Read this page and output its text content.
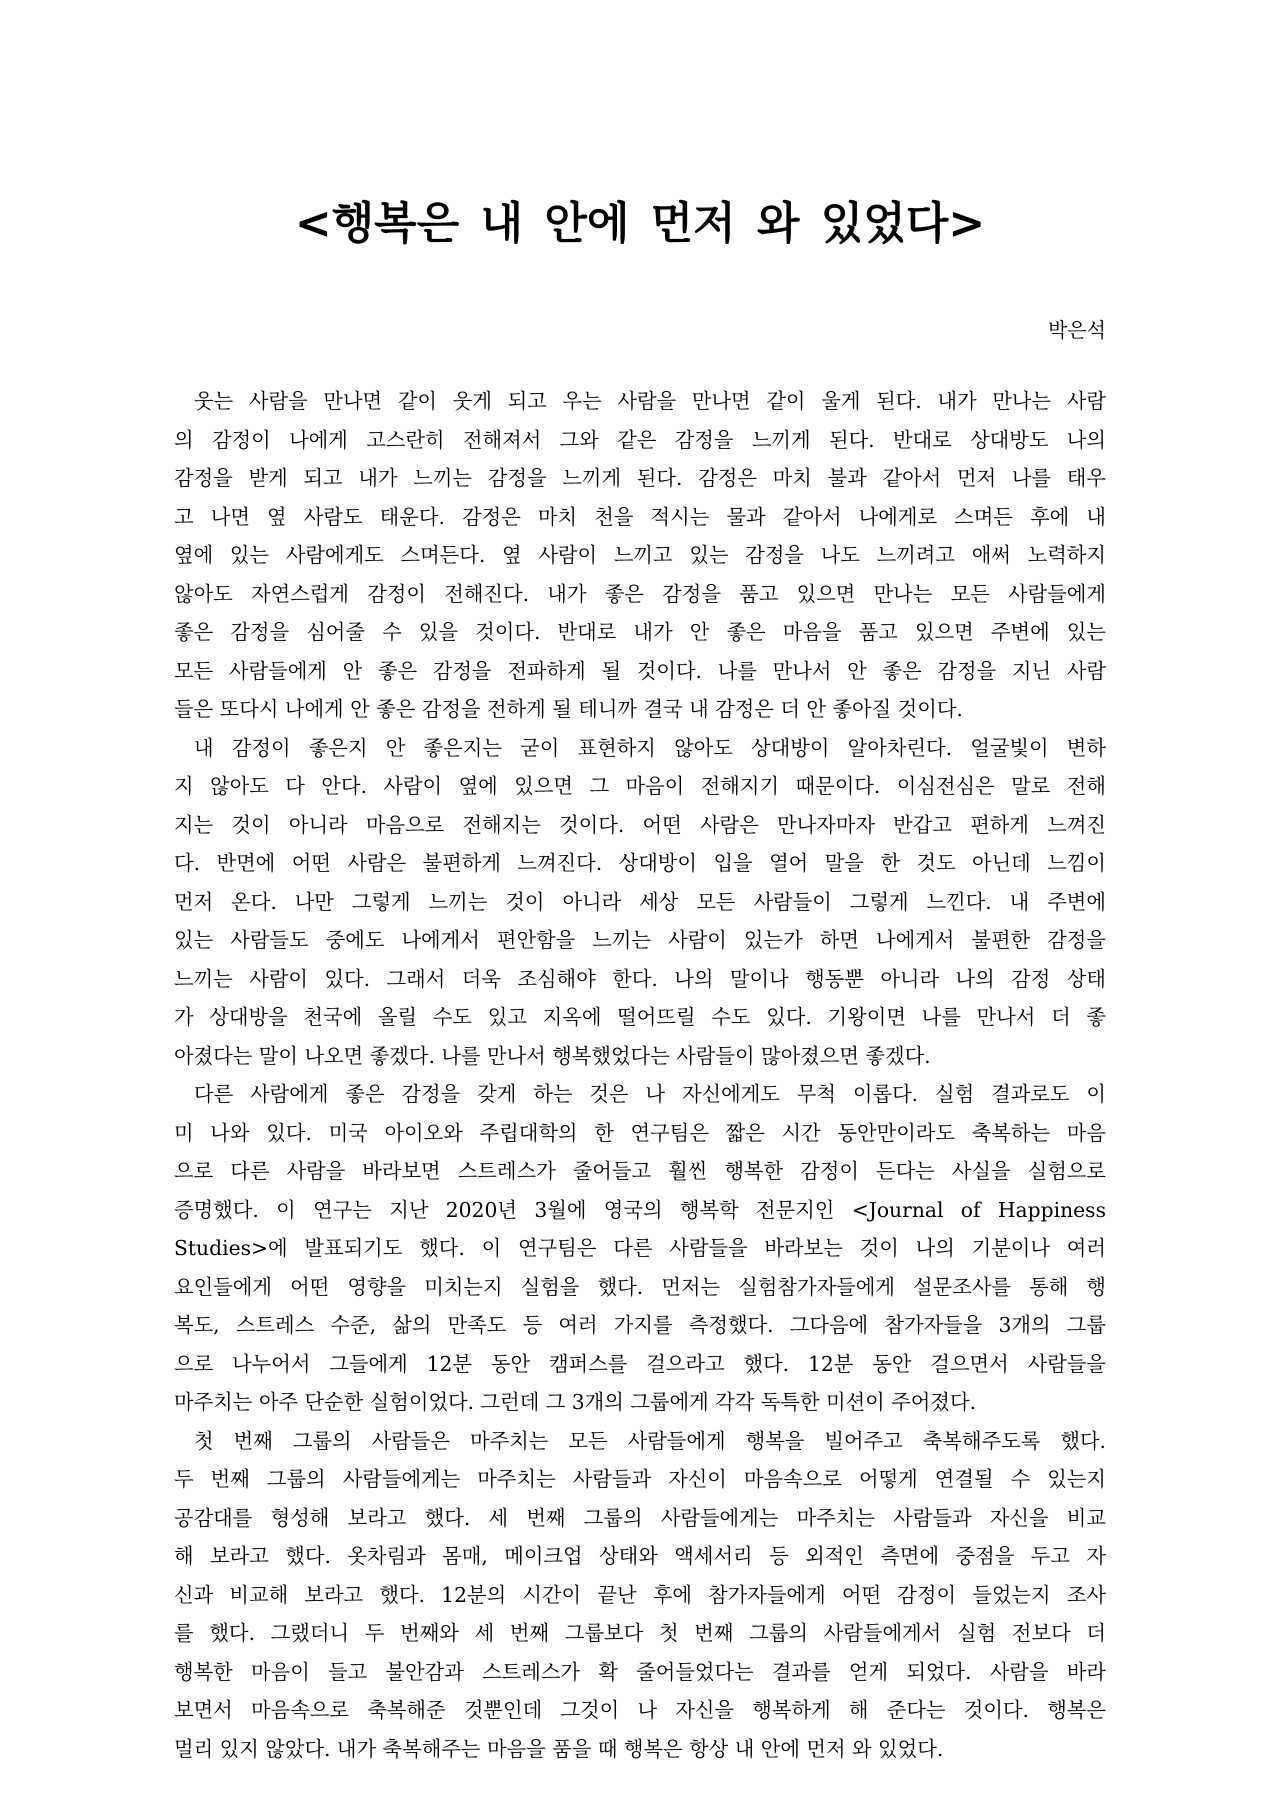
<행복은 내 안에 먼저 와 있었다>
박은석
웃는 사람을 만나면 같이 웃게 되고 우는 사람을 만나면 같이 울게 된다. 내가 만나는 사람
의 감정이 나에게 고스란히 전해져서 그와 같은 감정을 느끼게 된다. 반대로 상대방도 나의
감정을 받게 되고 내가 느끼는 감정을 느끼게 된다. 감정은 마치 불과 같아서 먼저 나를 태우
고 나면 옆 사람도 태운다. 감정은 마치 천을 적시는 물과 같아서 나에게로 스며든 후에 내
옆에 있는 사람에게도 스며든다. 옆 사람이 느끼고 있는 감정을 나도 느끼려고 애써 노력하지
않아도 자연스럽게 감정이 전해진다. 내가 좋은 감정을 품고 있으면 만나는 모든 사람들에게
좋은 감정을 심어줄 수 있을 것이다. 반대로 내가 안 좋은 마음을 품고 있으면 주변에 있는
모든 사람들에게 안 좋은 감정을 전파하게 될 것이다. 나를 만나서 안 좋은 감정을 지닌 사람
들은 또다시 나에게 안 좋은 감정을 전하게 될 테니까 결국 내 감정은 더 안 좋아질 것이다.
내 감정이 좋은지 안 좋은지는 굳이 표현하지 않아도 상대방이 알아차린다. 얼굴빛이 변하
지 않아도 다 안다. 사람이 옆에 있으면 그 마음이 전해지기 때문이다. 이심전심은 말로 전해
지는 것이 아니라 마음으로 전해지는 것이다. 어떤 사람은 만나자마자 반갑고 편하게 느껴진
다. 반면에 어떤 사람은 불편하게 느껴진다. 상대방이 입을 열어 말을 한 것도 아닌데 느낌이
먼저 온다. 나만 그렇게 느끼는 것이 아니라 세상 모든 사람들이 그렇게 느낀다. 내 주변에
있는 사람들도 중에도 나에게서 편안함을 느끼는 사람이 있는가 하면 나에게서 불편한 감정을
느끼는 사람이 있다. 그래서 더욱 조심해야 한다. 나의 말이나 행동뿐 아니라 나의 감정 상태
가 상대방을 천국에 올릴 수도 있고 지옥에 떨어뜨릴 수도 있다. 기왕이면 나를 만나서 더 좋
아졌다는 말이 나오면 좋겠다. 나를 만나서 행복했었다는 사람들이 많아졌으면 좋겠다.
다른 사람에게 좋은 감정을 갖게 하는 것은 나 자신에게도 무척 이롭다. 실험 결과로도 이
미 나와 있다. 미국 아이오와 주립대학의 한 연구팀은 짧은 시간 동안만이라도 축복하는 마음
으로 다른 사람을 바라보면 스트레스가 줄어들고 훨씬 행복한 감정이 든다는 사실을 실험으로
증명했다. 이 연구는 지난 2020년 3월에 영국의 행복학 전문지인 <Journal of Happiness
Studies>에 발표되기도 했다. 이 연구팀은 다른 사람들을 바라보는 것이 나의 기분이나 여러
요인들에게 어떤 영향을 미치는지 실험을 했다. 먼저는 실험참가자들에게 설문조사를 통해 행
복도, 스트레스 수준, 삶의 만족도 등 여러 가지를 측정했다. 그다음에 참가자들을 3개의 그룹
으로 나누어서 그들에게 12분 동안 캠퍼스를 걸으라고 했다. 12분 동안 걸으면서 사람들을
마주치는 아주 단순한 실험이었다. 그런데 그 3개의 그룹에게 각각 독특한 미션이 주어졌다.
첫 번째 그룹의 사람들은 마주치는 모든 사람들에게 행복을 빌어주고 축복해주도록 했다.
두 번째 그룹의 사람들에게는 마주치는 사람들과 자신이 마음속으로 어떻게 연결될 수 있는지
공감대를 형성해 보라고 했다. 세 번째 그룹의 사람들에게는 마주치는 사람들과 자신을 비교
해 보라고 했다. 옷차림과 몸매, 메이크업 상태와 액세서리 등 외적인 측면에 중점을 두고 자
신과 비교해 보라고 했다. 12분의 시간이 끝난 후에 참가자들에게 어떤 감정이 들었는지 조사
를 했다. 그랬더니 두 번째와 세 번째 그룹보다 첫 번째 그룹의 사람들에게서 실험 전보다 더
행복한 마음이 들고 불안감과 스트레스가 확 줄어들었다는 결과를 얻게 되었다. 사람을 바라
보면서 마음속으로 축복해준 것뿐인데 그것이 나 자신을 행복하게 해 준다는 것이다. 행복은
멀리 있지 않았다. 내가 축복해주는 마음을 품을 때 행복은 항상 내 안에 먼저 와 있었다.
